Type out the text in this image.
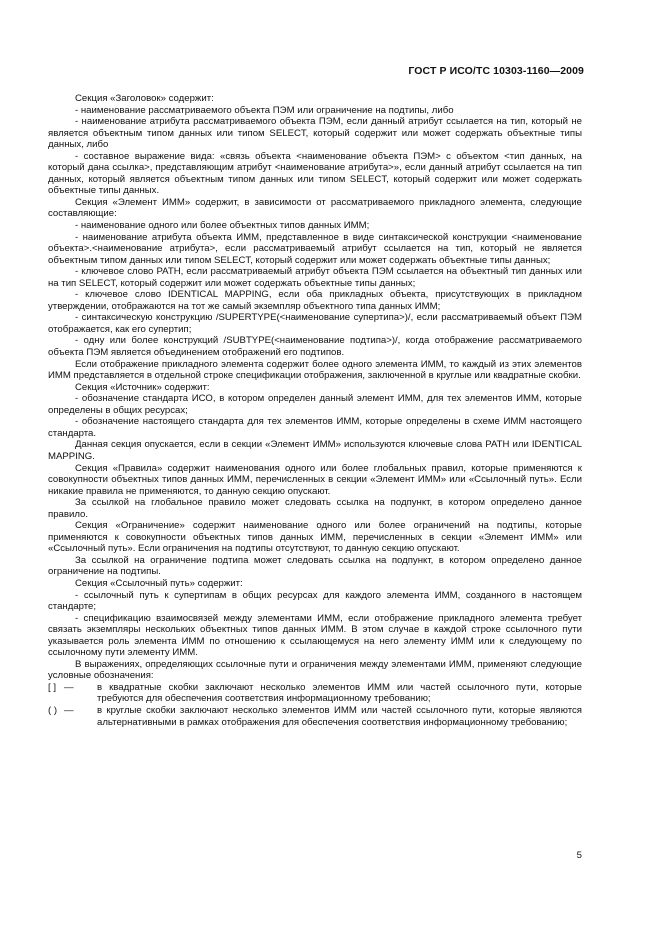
ГОСТ Р ИСО/ТС 10303-1160—2009

Секция «Заголовок» содержит:

- наименование рассматриваемого объекта ПЭМ или ограничение на подтипы, либо

- наименование атрибута рассматриваемого объекта ПЭМ, если данный атрибут ссылается на тип, который не является объектным типом данных или типом SELECT, который содержит или может содержать объектные типы данных, либо

- составное выражение вида: «связь объекта <наименование объекта ПЭМ> с объектом <тип данных, на который дана ссылка>, представляющим атрибут <наименование атрибута>», если данный атрибут ссылается на тип данных, который является объектным типом данных или типом SELECT, который содержит или может содержать объектные типы данных.

Секция «Элемент ИММ» содержит, в зависимости от рассматриваемого прикладного элемента, следующие составляющие:

- наименование одного или более объектных типов данных ИММ;

- наименование атрибута объекта ИММ, представленное в виде синтаксической конструкции <наименование объекта>.<наименование атрибута>, если рассматриваемый атрибут ссылается на тип, который не является объектным типом данных или типом SELECT, который содержит или может содержать объектные типы данных;

- ключевое слово PATH, если рассматриваемый атрибут объекта ПЭМ ссылается на объектный тип данных или на тип SELECT, который содержит или может содержать объектные типы данных;

- ключевое слово IDENTICAL MAPPING, если оба прикладных объекта, присутствующих в прикладном утверждении, отображаются на тот же самый экземпляр объектного типа данных ИММ;

- синтаксическую конструкцию /SUPERTYPE(<наименование супертипа>)/, если рассматриваемый объект ПЭМ отображается, как его супертип;

- одну или более конструкций /SUBTYPE(<наименование подтипа>)/, когда отображение рассматриваемого объекта ПЭМ является объединением отображений его подтипов.

Если отображение прикладного элемента содержит более одного элемента ИММ, то каждый из этих элементов ИММ представляется в отдельной строке спецификации отображения, заключенной в круглые или квадратные скобки.

Секция «Источник» содержит:

- обозначение стандарта ИСО, в котором определен данный элемент ИММ, для тех элементов ИММ, которые определены в общих ресурсах;

- обозначение настоящего стандарта для тех элементов ИММ, которые определены в схеме ИММ настоящего стандарта.

Данная секция опускается, если в секции «Элемент ИММ» используются ключевые слова PATH или IDENTICAL MAPPING.

Секция «Правила» содержит наименования одного или более глобальных правил, которые применяются к совокупности объектных типов данных ИММ, перечисленных в секции «Элемент ИММ» или «Ссылочный путь». Если никакие правила не применяются, то данную секцию опускают.

За ссылкой на глобальное правило может следовать ссылка на подпункт, в котором определено данное правило.

Секция «Ограничение» содержит наименование одного или более ограничений на подтипы, которые применяются к совокупности объектных типов данных ИММ, перечисленных в секции «Элемент ИММ» или «Ссылочный путь». Если ограничения на подтипы отсутствуют, то данную секцию опускают.

За ссылкой на ограничение подтипа может следовать ссылка на подпункт, в котором определено данное ограничение на подтипы.

Секция «Ссылочный путь» содержит:

- ссылочный путь к супертипам в общих ресурсах для каждого элемента ИММ, созданного в настоящем стандарте;

- спецификацию взаимосвязей между элементами ИММ, если отображение прикладного элемента требует связать экземпляры нескольких объектных типов данных ИММ. В этом случае в каждой строке ссылочного пути указывается роль элемента ИММ по отношению к ссылающемуся на него элементу ИММ или к следующему по ссылочному пути элементу ИММ.

В выражениях, определяющих ссылочные пути и ограничения между элементами ИММ, применяют следующие условные обозначения:

[ ] — в квадратные скобки заключают несколько элементов ИММ или частей ссылочного пути, которые требуются для обеспечения соответствия информационному требованию;
( ) — в круглые скобки заключают несколько элементов ИММ или частей ссылочного пути, которые являются альтернативными в рамках отображения для обеспечения соответствия информационному требованию;
5
